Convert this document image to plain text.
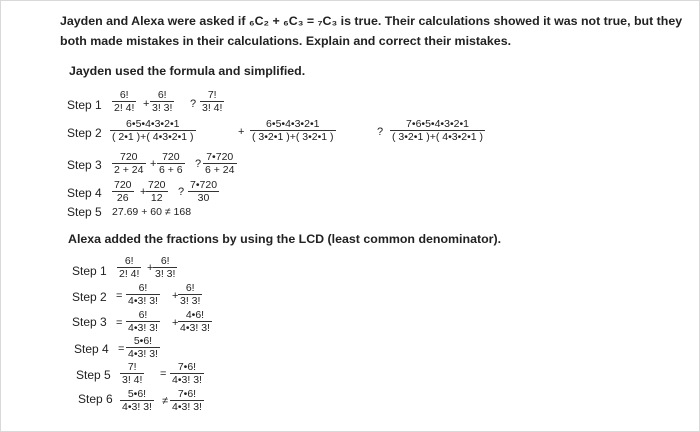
Jayden and Alexa were asked if ₆C₂ + ₆C₃ = ₇C₃ is true. Their calculations showed it was not true, but they
both made mistakes in their calculations. Explain and correct their mistakes.
Jayden used the formula and simplified.
Step 1
Step 2
Step 3
Step 4
Step 5
6!
2! 4! +
6!
3! 3! ?
7!
3! 4!
6•5•4•3•2•1
( 2•1 )+( 4•3•2•1 )	+
6•5•4•3•2•1
( 3•2•1 )+( 3•2•1 )	?
7•6•5•4•3•2•1
( 3•2•1 )+( 4•3•2•1 )
720
2 + 24 +
720
6 + 6 ?
7•720
6 + 24
720
26 +
720
12 ?
7•720
30
27.69 + 60 ≠ 168
Alexa added the fractions by using the LCD (least common denominator).
Step 1
Step 2
Step 3
Step 4
Step 5
Step 6
6!
2! 4! +
6!
3! 3!
=
6!
4•3! 3! +
6!
3! 3!
=
6!
4•3! 3! +
4•6!
4•3! 3!
=
5•6!
4•3! 3!
7!
3! 4! =
7•6!
4•3! 3!
5•6!
4•3! 3! ≠
7•6!
4•3! 3!
